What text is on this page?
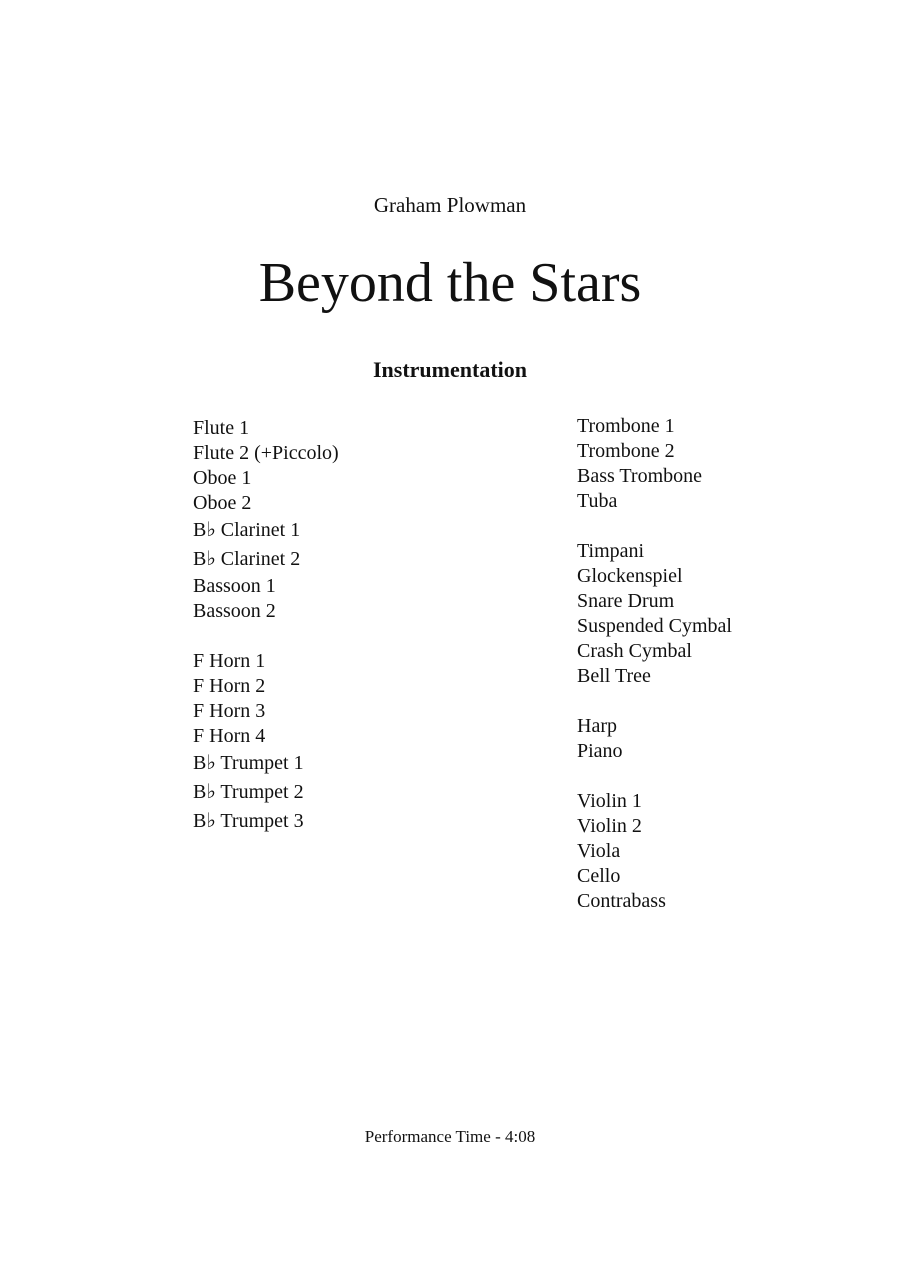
Graham Plowman
Beyond the Stars
Instrumentation
Flute 1
Flute 2 (+Piccolo)
Oboe 1
Oboe 2
B♭ Clarinet 1
B♭ Clarinet 2
Bassoon 1
Bassoon 2
F Horn 1
F Horn 2
F Horn 3
F Horn 4
B♭ Trumpet 1
B♭ Trumpet 2
B♭ Trumpet 3
Trombone 1
Trombone 2
Bass Trombone
Tuba
Timpani
Glockenspiel
Snare Drum
Suspended Cymbal
Crash Cymbal
Bell Tree
Harp
Piano
Violin 1
Violin 2
Viola
Cello
Contrabass
Performance Time - 4:08
